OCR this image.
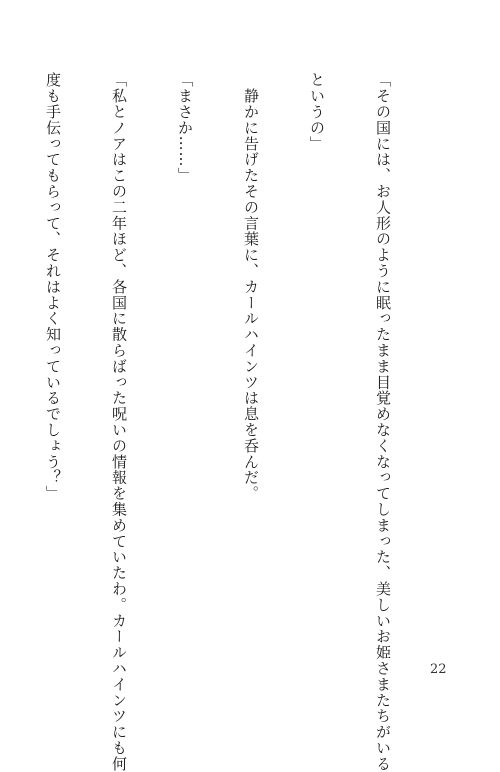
「その国には、お人形のように眠ったまま目覚めなくなってしまった、美しいお姫さまたちがいる

というの」

　静かに告げたその言葉に、カールハインツは息を呑んだ。

「まさか……」

「私とノアはこの二年ほど、各国に散らばった呪いの情報を集めていたわ。カールハインツにも何

度も手伝ってもらって、それはよく知っているでしょう？」

22
